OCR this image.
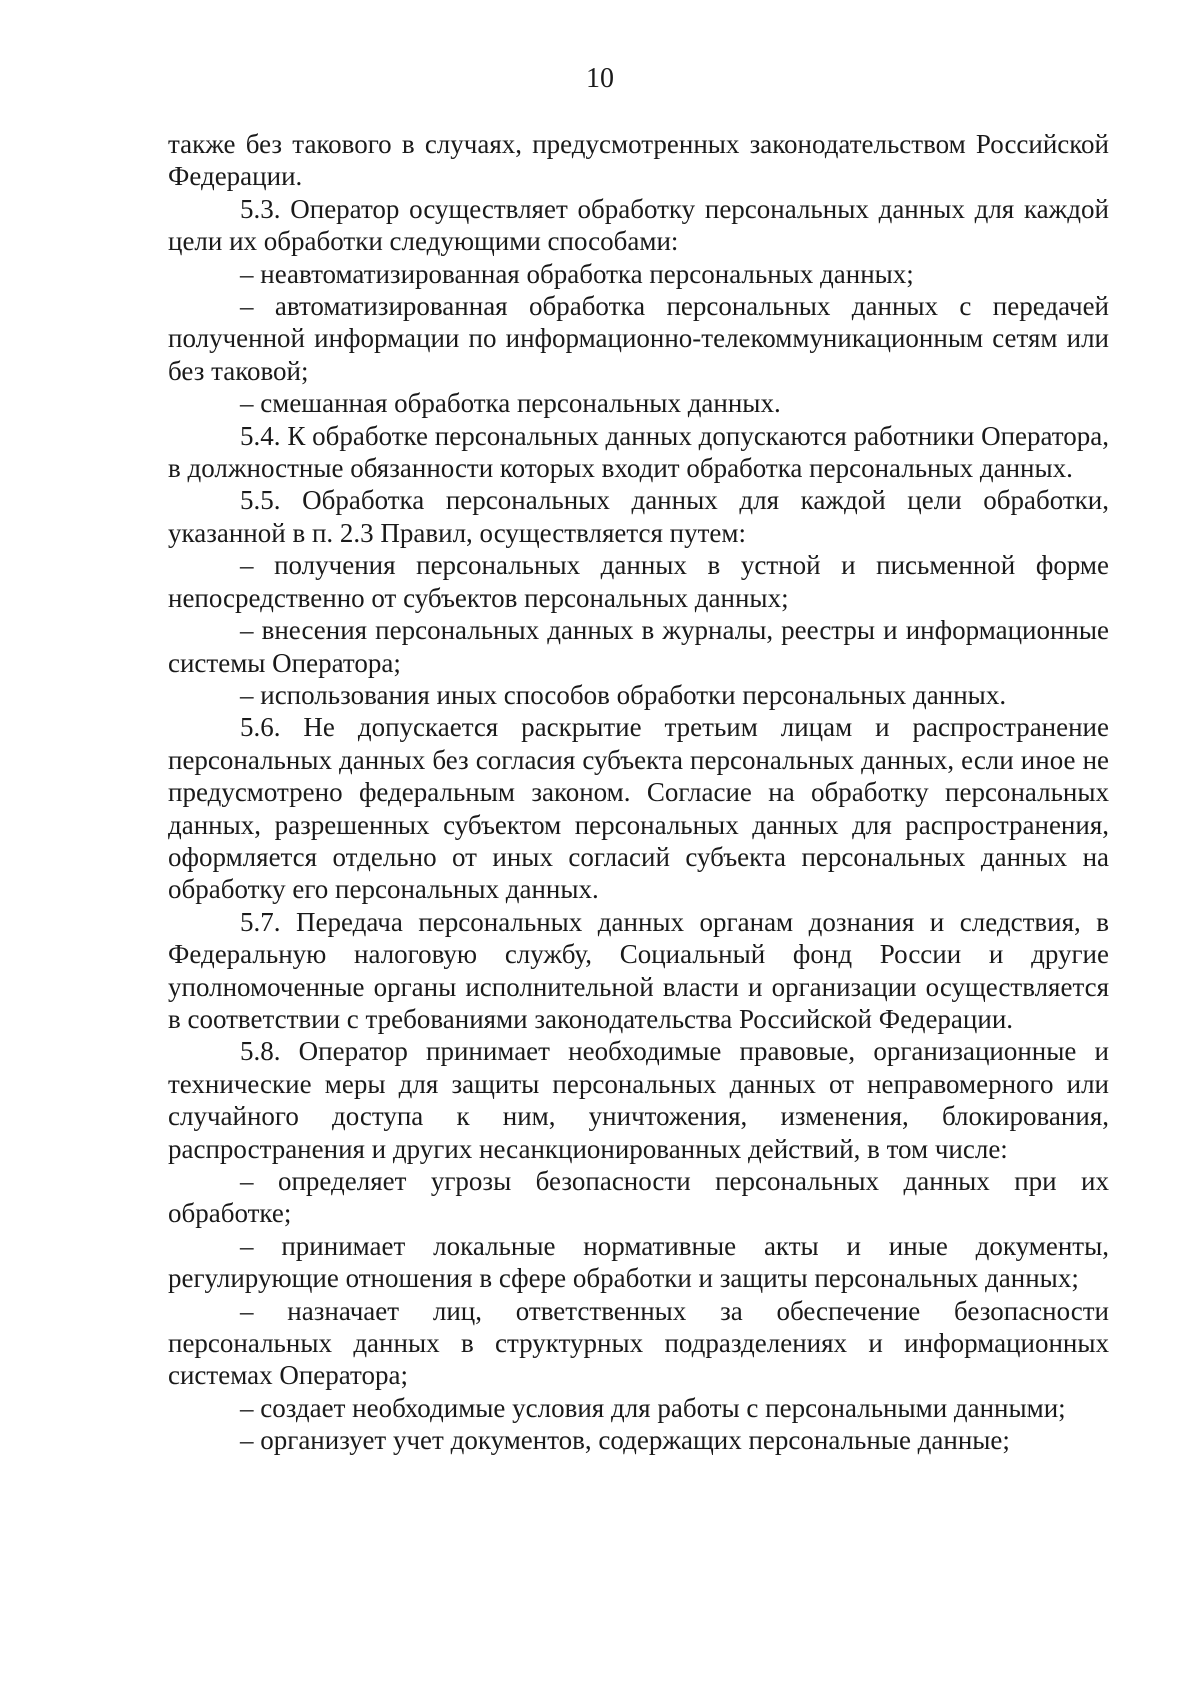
10

также без такового в случаях, предусмотренных законодательством Российской Федерации.

5.3. Оператор осуществляет обработку персональных данных для каждой цели их обработки следующими способами:

– неавтоматизированная обработка персональных данных;

– автоматизированная обработка персональных данных с передачей полученной информации по информационно-телекоммуникационным сетям или без таковой;

– смешанная обработка персональных данных.

5.4. К обработке персональных данных допускаются работники Оператора, в должностные обязанности которых входит обработка персональных данных.

5.5. Обработка персональных данных для каждой цели обработки, указанной в п. 2.3 Правил, осуществляется путем:

– получения персональных данных в устной и письменной форме непосредственно от субъектов персональных данных;

– внесения персональных данных в журналы, реестры и информационные системы Оператора;

– использования иных способов обработки персональных данных.

5.6. Не допускается раскрытие третьим лицам и распространение персональных данных без согласия субъекта персональных данных, если иное не предусмотрено федеральным законом. Согласие на обработку персональных данных, разрешенных субъектом персональных данных для распространения, оформляется отдельно от иных согласий субъекта персональных данных на обработку его персональных данных.

5.7. Передача персональных данных органам дознания и следствия, в Федеральную налоговую службу, Социальный фонд России и другие уполномоченные органы исполнительной власти и организации осуществляется в соответствии с требованиями законодательства Российской Федерации.

5.8. Оператор принимает необходимые правовые, организационные и технические меры для защиты персональных данных от неправомерного или случайного доступа к ним, уничтожения, изменения, блокирования, распространения и других несанкционированных действий, в том числе:

– определяет угрозы безопасности персональных данных при их обработке;

– принимает локальные нормативные акты и иные документы, регулирующие отношения в сфере обработки и защиты персональных данных;

– назначает лиц, ответственных за обеспечение безопасности персональных данных в структурных подразделениях и информационных системах Оператора;

– создает необходимые условия для работы с персональными данными;

– организует учет документов, содержащих персональные данные;
